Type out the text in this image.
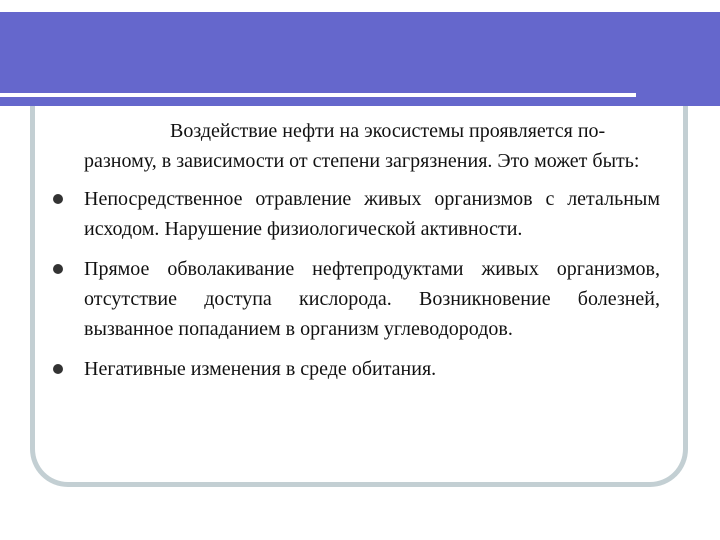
Воздействие нефти на экосистемы проявляется по-разному, в зависимости от степени загрязнения. Это может быть:

Непосредственное отравление живых организмов с летальным исходом. Нарушение физиологической активности.
Прямое обволакивание нефтепродуктами живых организмов, отсутствие доступа кислорода. Возникновение болезней, вызванное попаданием в организм углеводородов.
Негативные изменения в среде обитания.
